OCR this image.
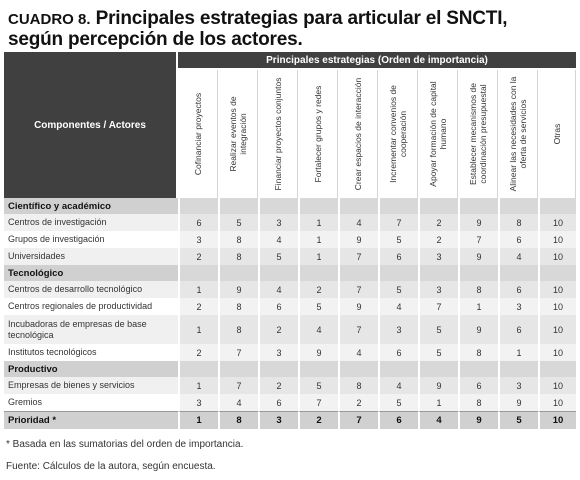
CUADRO 8. Principales estrategias para articular el SNCTI,
según percepción de los actores.
Componentes / Actores	Principales estrategias (Orden de importancia)									

	Cofinanciar proyectos	Realizar eventos de integración	Financiar proyectos conjuntos	Fortalecer grupos y redes	Crear espacios de interacción	Incrementar convenios de cooperación	Apoyar formación de capital humano	Establecer mecanismos de coordinación presupuestal	Alinear las necesidades con la oferta de servicios	Otras

Científico y académico										
Centros de investigación	6	5	3	1	4	7	2	9	8	10
Grupos de investigación	3	8	4	1	9	5	2	7	6	10
Universidades	2	8	5	1	7	6	3	9	4	10
Tecnológico										
Centros de desarrollo tecnológico	1	9	4	2	7	5	3	8	6	10
Centros regionales de productividad	2	8	6	5	9	4	7	1	3	10
Incubadoras de empresas de base tecnológica	1	8	2	4	7	3	5	9	6	10
Institutos tecnológicos	2	7	3	9	4	6	5	8	1	10
Productivo										
Empresas de bienes y servicios	1	7	2	5	8	4	9	6	3	10
Gremios	3	4	6	7	2	5	1	8	9	10
Prioridad *	1	8	3	2	7	6	4	9	5	10
* Basada en las sumatorias del orden de importancia.
Fuente: Cálculos de la autora, según encuesta.
